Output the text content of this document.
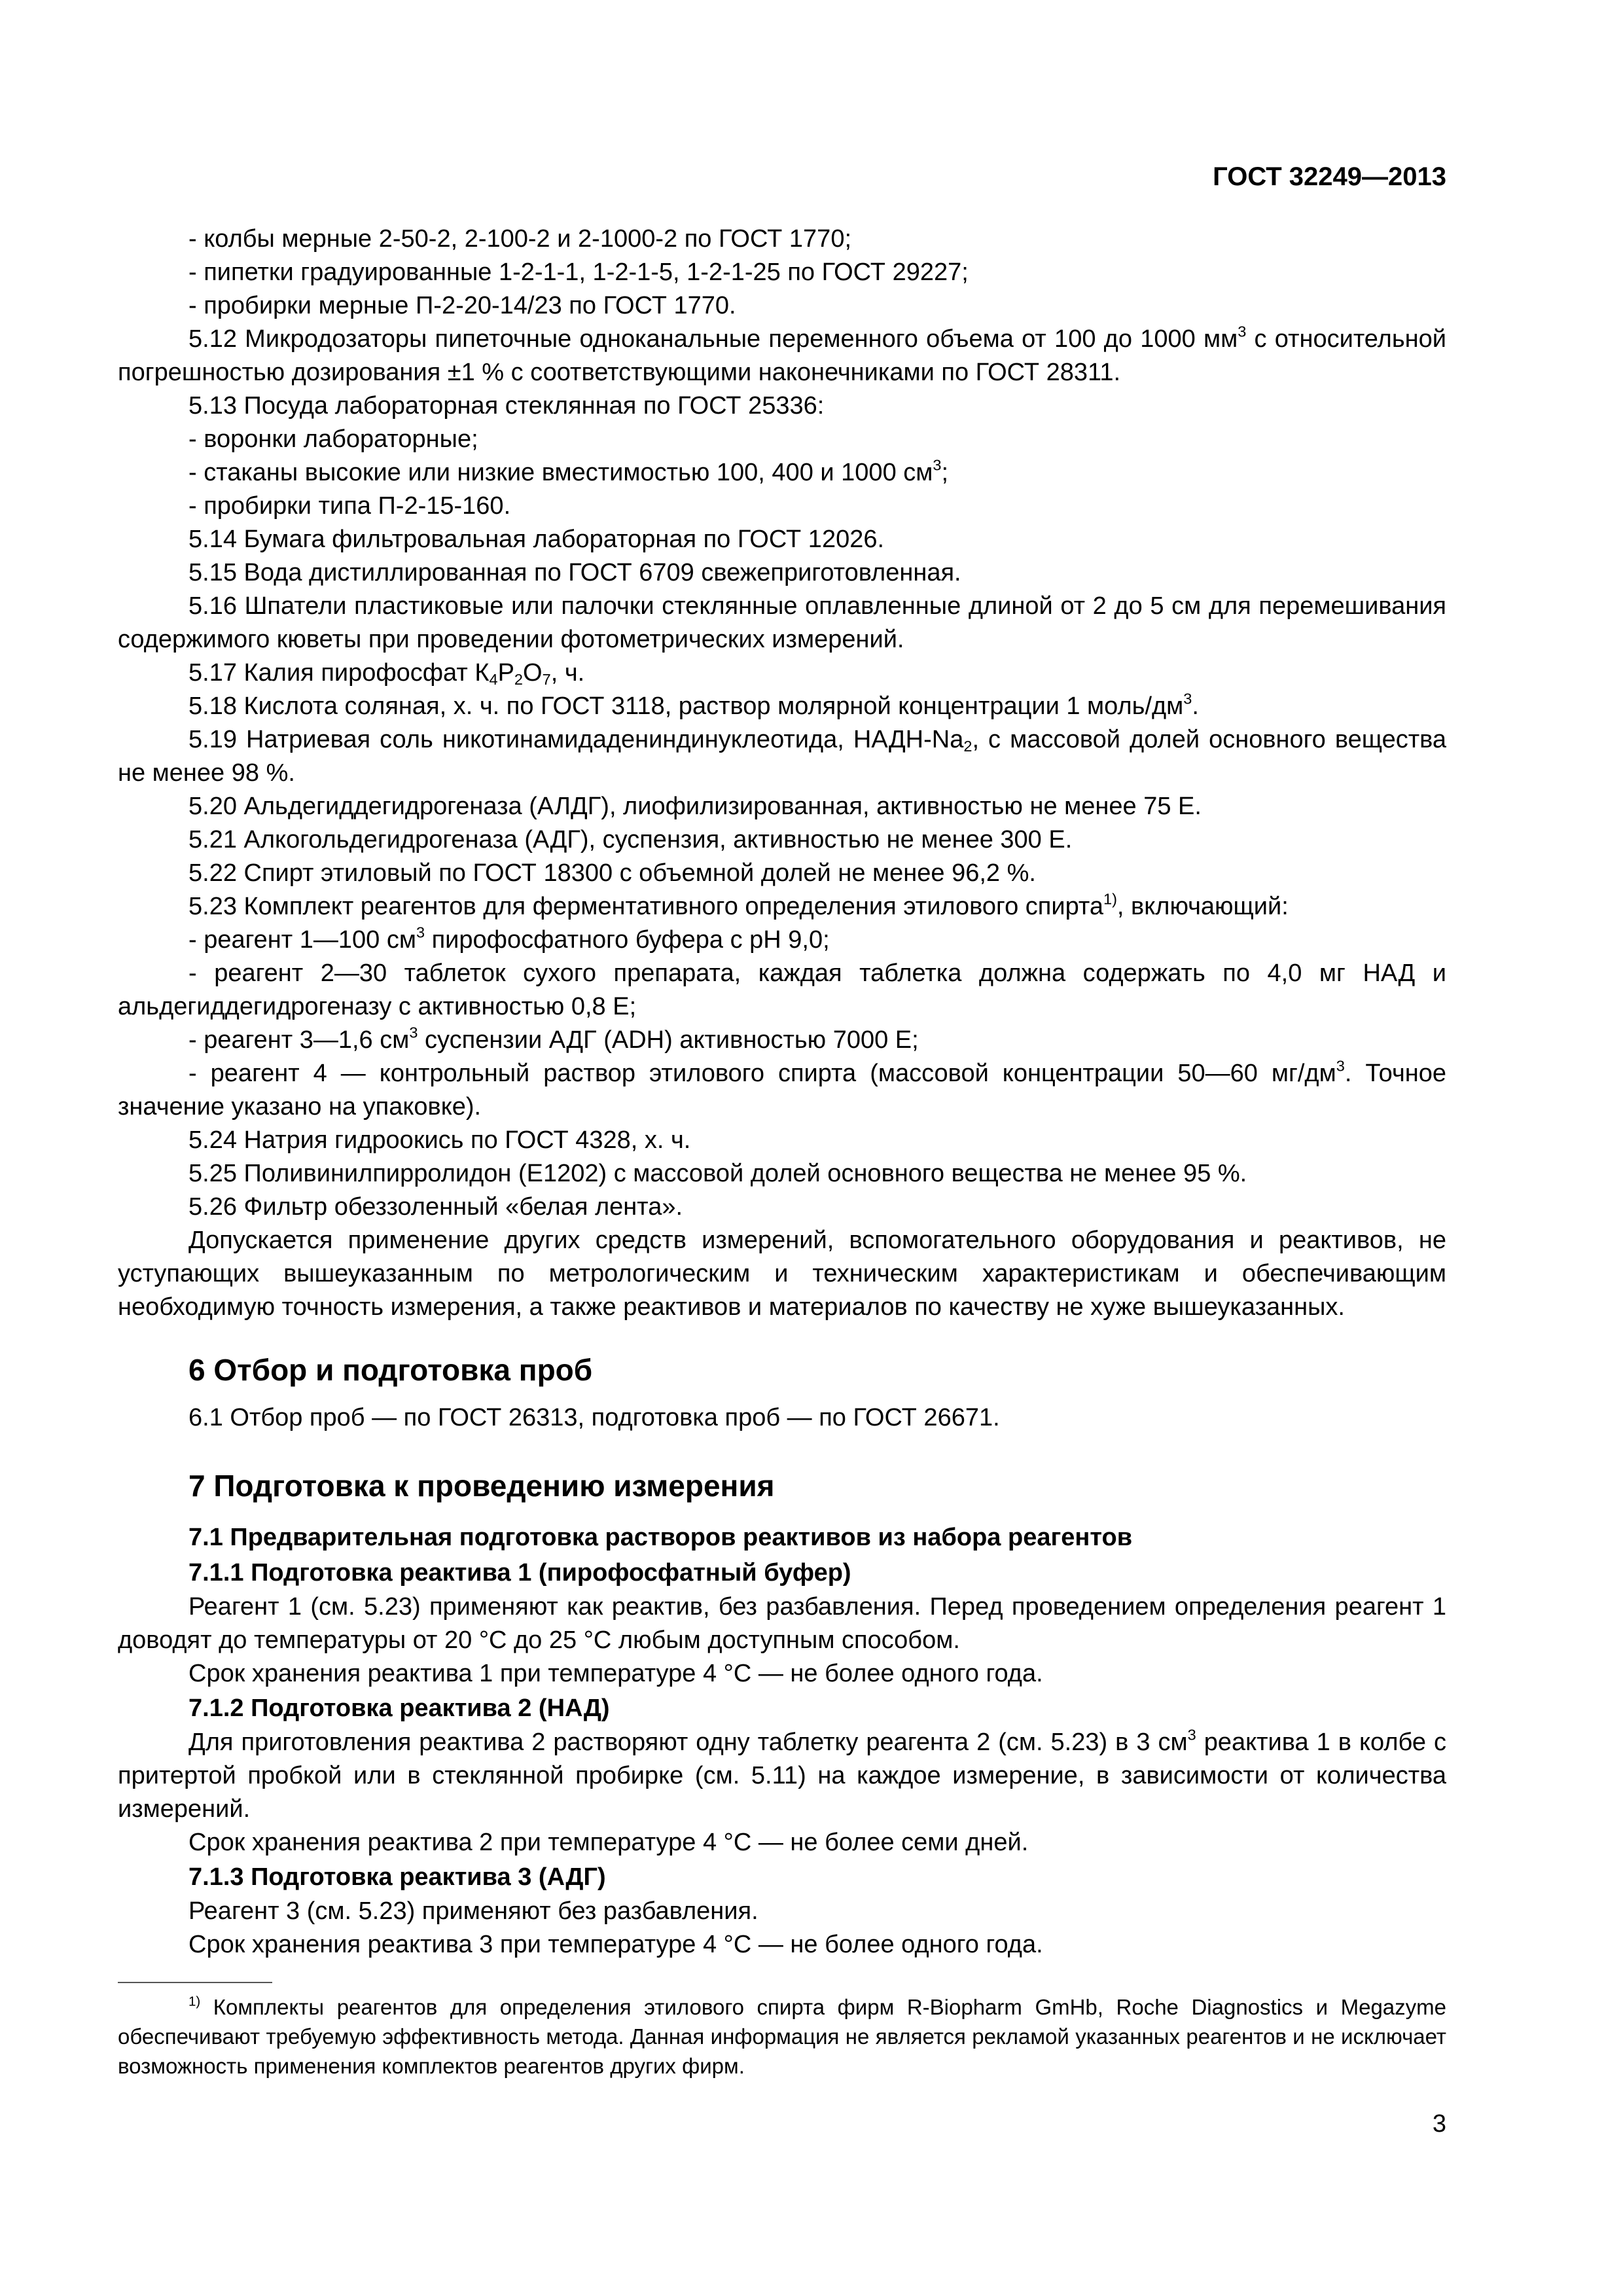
ГОСТ 32249—2013

- колбы мерные 2-50-2, 2-100-2 и 2-1000-2 по ГОСТ 1770;

- пипетки градуированные 1-2-1-1, 1-2-1-5, 1-2-1-25 по ГОСТ 29227;

- пробирки мерные П-2-20-14/23 по ГОСТ 1770.

5.12 Микродозаторы пипеточные одноканальные переменного объема от 100 до 1000 $мм^3$ с относительной погрешностью дозирования ±1 % с соответствующими наконечниками по ГОСТ 28311.

5.13 Посуда лабораторная стеклянная по ГОСТ 25336:

- воронки лабораторные;

- стаканы высокие или низкие вместимостью 100, 400 и 1000 $см^3$;

- пробирки типа П-2-15-160.

5.14 Бумага фильтровальная лабораторная по ГОСТ 12026.

5.15 Вода дистиллированная по ГОСТ 6709 свежеприготовленная.

5.16 Шпатели пластиковые или палочки стеклянные оплавленные длиной от 2 до 5 см для перемешивания содержимого кюветы при проведении фотометрических измерений.

5.17 Калия пирофосфат $К_4Р_2О_7$, ч.

5.18 Кислота соляная, х. ч. по ГОСТ 3118, раствор молярной концентрации 1 моль/$дм^3$.

5.19 Натриевая соль никотинамидадениндинуклеотида, НАДН-$Na_2$, с массовой долей основного вещества не менее 98 %.

5.20 Альдегиддегидрогеназа (АЛДГ), лиофилизированная, активностью не менее 75 Е.

5.21 Алкогольдегидрогеназа (АДГ), суспензия, активностью не менее 300 Е.

5.22 Спирт этиловый по ГОСТ 18300 с объемной долей не менее 96,2 %.

5.23 Комплект реагентов для ферментативного определения этилового спирта$^{1)}$, включающий:

- реагент 1—100 $см^3$ пирофосфатного буфера с рН 9,0;

- реагент 2—30 таблеток сухого препарата, каждая таблетка должна содержать по 4,0 мг НАД и альдегиддегидрогеназу с активностью 0,8 Е;

- реагент 3—1,6 $см^3$ суспензии АДГ (ADH) активностью 7000 Е;

- реагент 4 — контрольный раствор этилового спирта (массовой концентрации 50—60 $мг/дм^3$. Точное значение указано на упаковке).

5.24 Натрия гидроокись по ГОСТ 4328, х. ч.

5.25 Поливинилпирролидон (Е1202) с массовой долей основного вещества не менее 95 %.

5.26 Фильтр обеззоленный «белая лента».

Допускается применение других средств измерений, вспомогательного оборудования и реактивов, не уступающих вышеуказанным по метрологическим и техническим характеристикам и обеспечивающим необходимую точность измерения, а также реактивов и материалов по качеству не хуже вышеуказанных.

6 Отбор и подготовка проб

6.1 Отбор проб — по ГОСТ 26313, подготовка проб — по ГОСТ 26671.

7 Подготовка к проведению измерения

7.1 Предварительная подготовка растворов реактивов из набора реагентов

7.1.1 Подготовка реактива 1 (пирофосфатный буфер)

Реагент 1 (см. 5.23) применяют как реактив, без разбавления. Перед проведением определения реагент 1 доводят до температуры от 20 °С до 25 °С любым доступным способом.

Срок хранения реактива 1 при температуре 4 °С — не более одного года.

7.1.2 Подготовка реактива 2 (НАД)

Для приготовления реактива 2 растворяют одну таблетку реагента 2 (см. 5.23) в 3 $см^3$ реактива 1 в колбе с притертой пробкой или в стеклянной пробирке (см. 5.11) на каждое измерение, в зависимости от количества измерений.

Срок хранения реактива 2 при температуре 4 °С — не более семи дней.

7.1.3 Подготовка реактива 3 (АДГ)

Реагент 3 (см. 5.23) применяют без разбавления.

Срок хранения реактива 3 при температуре 4 °С — не более одного года.

$^{1)}$ Комплекты реагентов для определения этилового спирта фирм R-Biopharm GmHb, Roche Diagnostics и Megazyme обеспечивают требуемую эффективность метода. Данная информация не является рекламой указанных реагентов и не исключает возможность применения комплектов реагентов других фирм.

3
